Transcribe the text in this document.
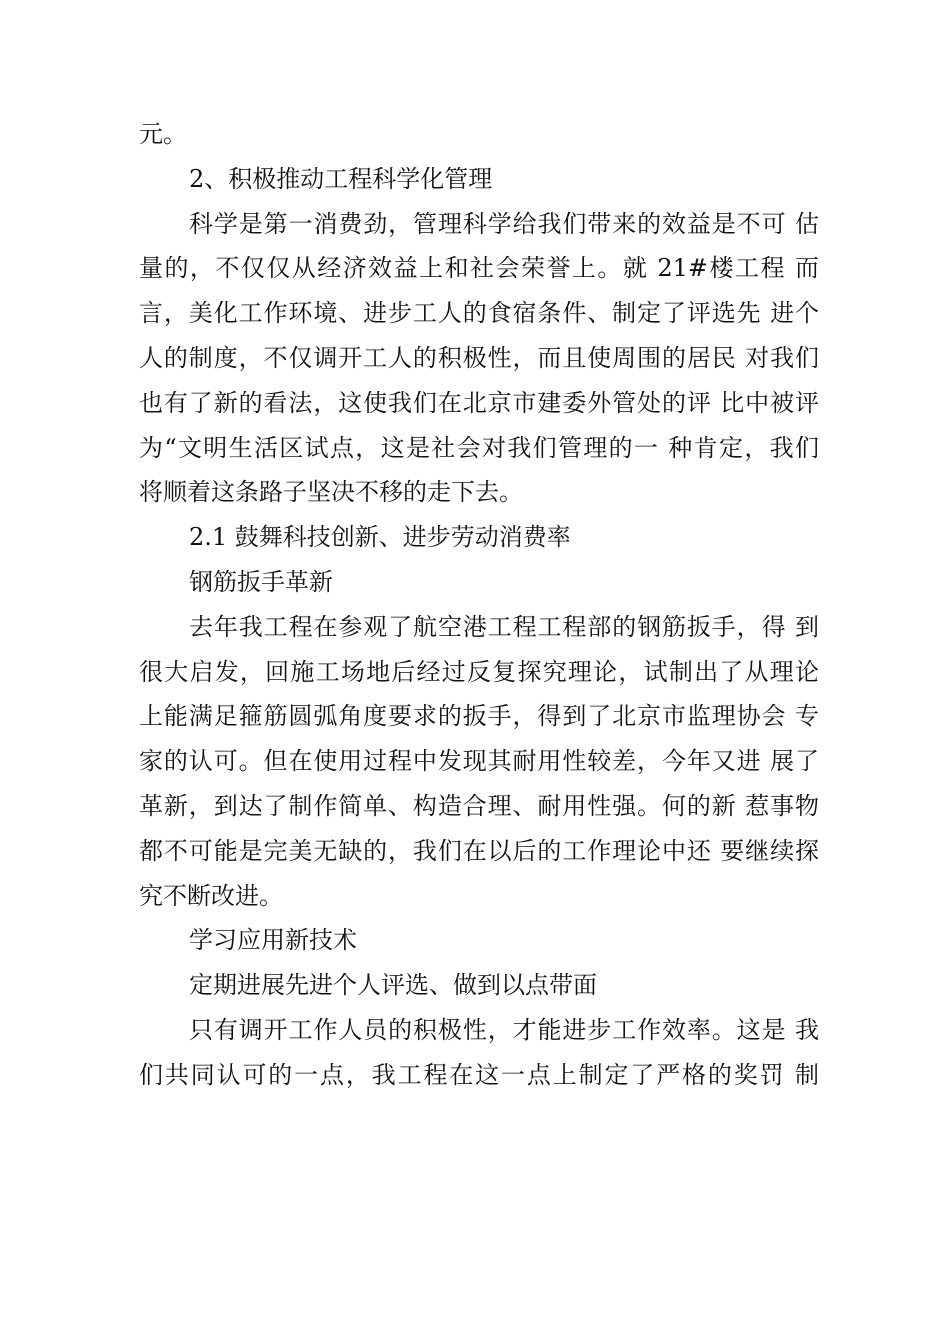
元。
2、积极推动工程科学化管理
科学是第一消费劲，管理科学给我们带来的效益是不可 估
量的，不仅仅从经济效益上和社会荣誉上。就 21#楼工程 而
言，美化工作环境、进步工人的食宿条件、制定了评选先 进个
人的制度，不仅调开工人的积极性，而且使周围的居民 对我们
也有了新的看法，这使我们在北京市建委外管处的评 比中被评
为“文明生活区试点，这是社会对我们管理的一 种肯定，我们
将顺着这条路子坚决不移的走下去。
2.1 鼓舞科技创新、进步劳动消费率
钢筋扳手革新
去年我工程在参观了航空港工程工程部的钢筋扳手，得 到
很大启发，回施工场地后经过反复探究理论，试制出了从理论
上能满足箍筋圆弧角度要求的扳手，得到了北京市监理协会 专
家的认可。但在使用过程中发现其耐用性较差，今年又进 展了
革新，到达了制作简单、构造合理、耐用性强。何的新 惹事物
都不可能是完美无缺的，我们在以后的工作理论中还 要继续探
究不断改进。
学习应用新技术
定期进展先进个人评选、做到以点带面
只有调开工作人员的积极性，才能进步工作效率。这是 我
们共同认可的一点，我工程在这一点上制定了严格的奖罚 制
